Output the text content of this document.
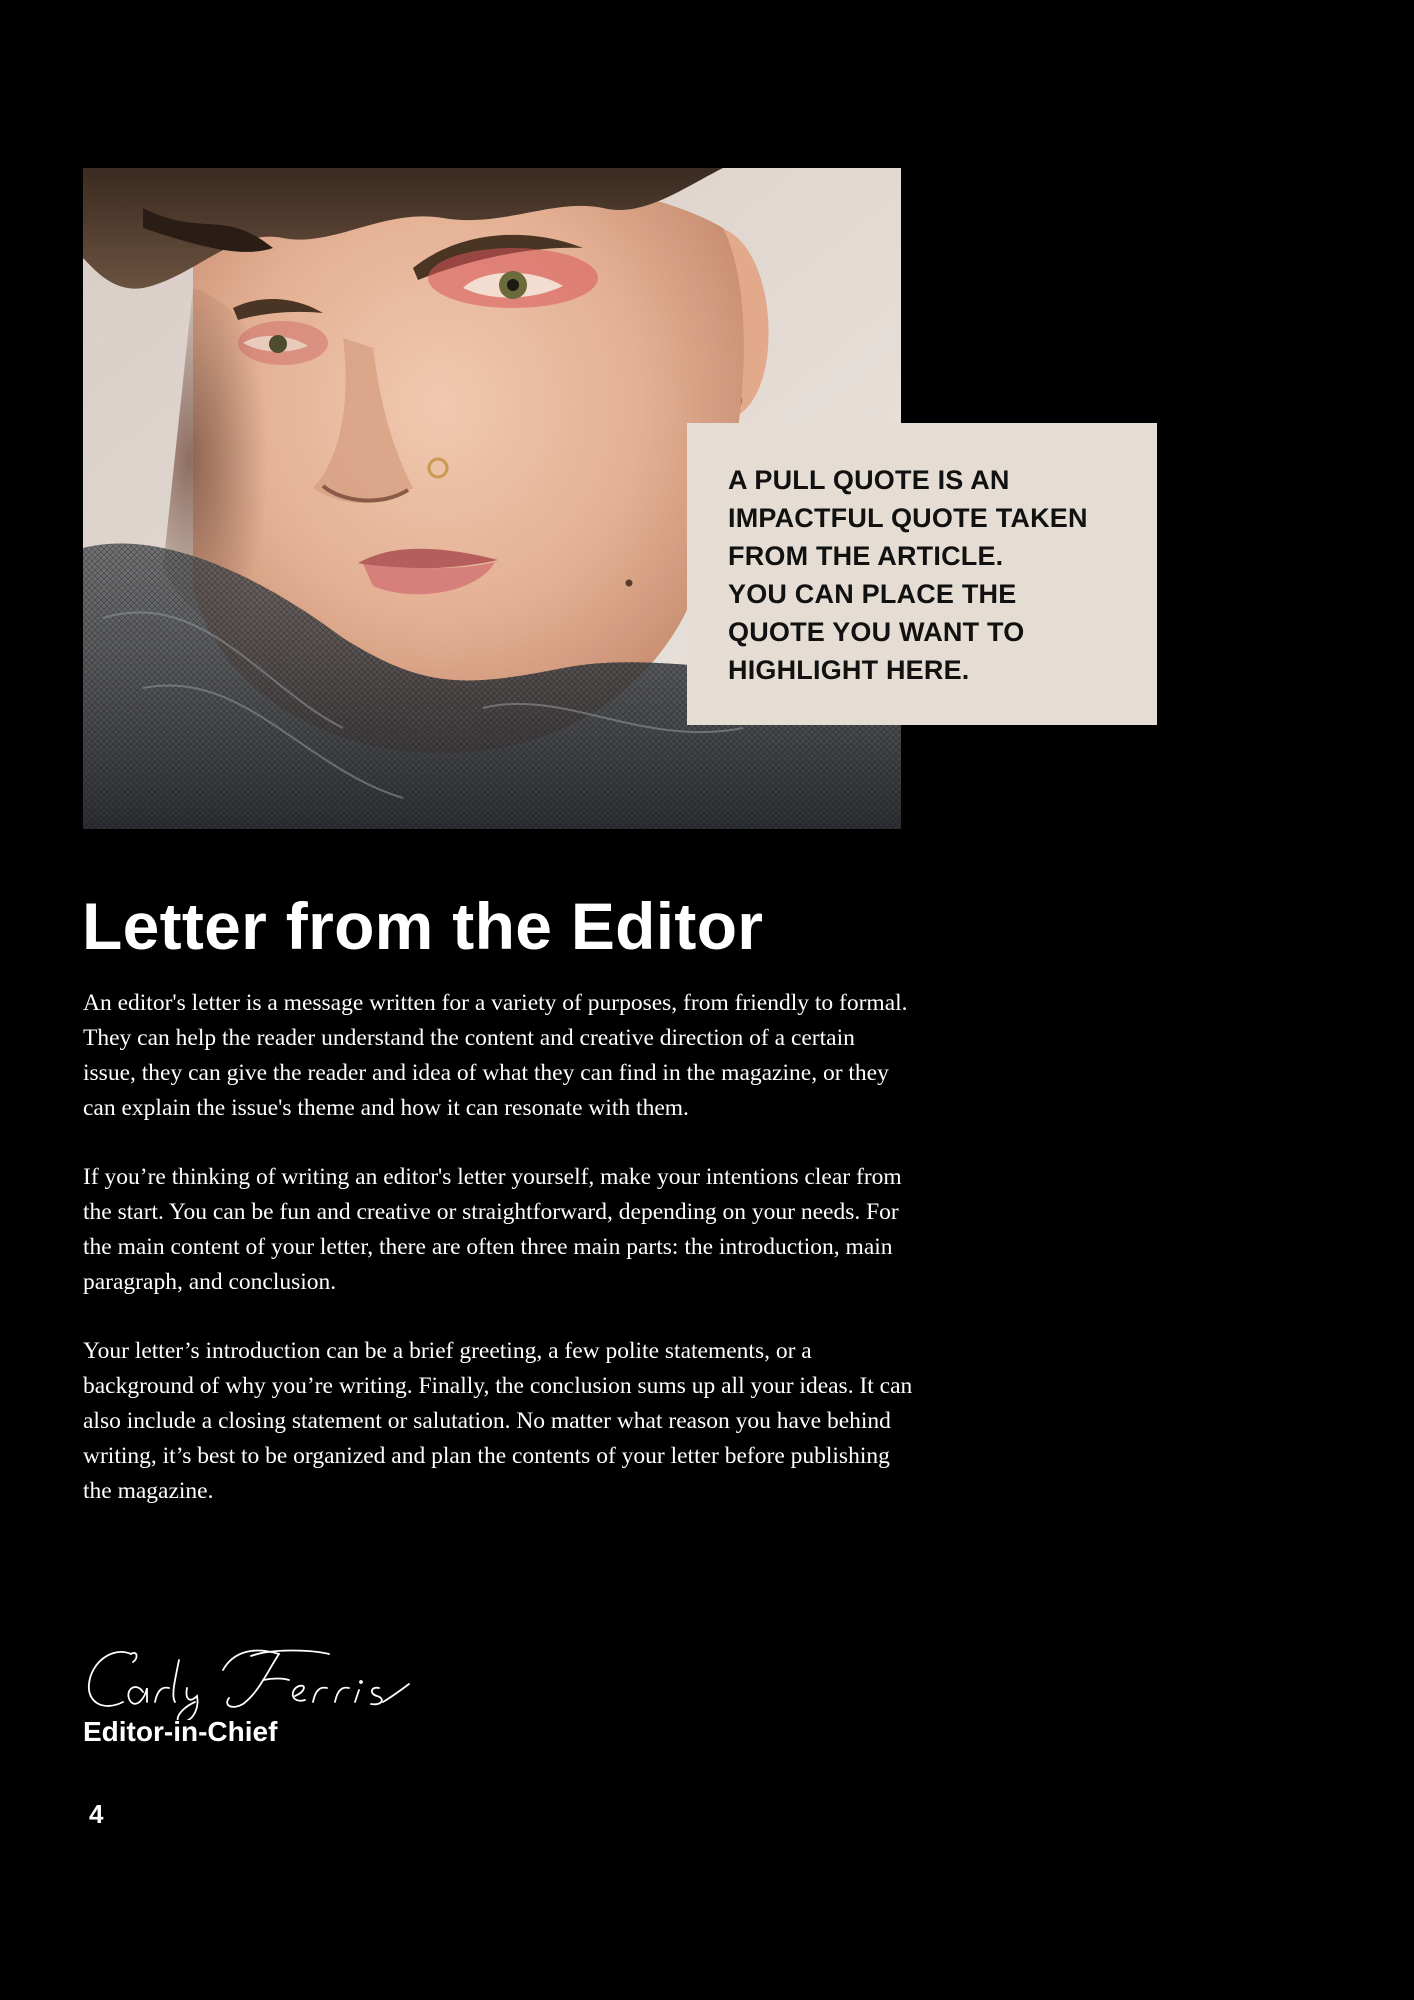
A PULL QUOTE IS AN
IMPACTFUL QUOTE TAKEN
FROM THE ARTICLE.
YOU CAN PLACE THE
QUOTE YOU WANT TO
HIGHLIGHT HERE.

Letter from the Editor

An editor's letter is a message written for a variety of purposes, from friendly to formal. They can help the reader understand the content and creative direction of a certain issue, they can give the reader and idea of what they can find in the magazine, or they can explain the issue's theme and how it can resonate with them.

If you’re thinking of writing an editor's letter yourself, make your intentions clear from the start. You can be fun and creative or straightforward, depending on your needs. For the main content of your letter, there are often three main parts: the introduction, main paragraph, and conclusion.

Your letter’s introduction can be a brief greeting, a few polite statements, or a background of why you’re writing. Finally, the conclusion sums up all your ideas. It can also include a closing statement or salutation. No matter what reason you have behind writing, it’s best to be organized and plan the contents of your letter before publishing the magazine.

Editor-in-Chief

4
